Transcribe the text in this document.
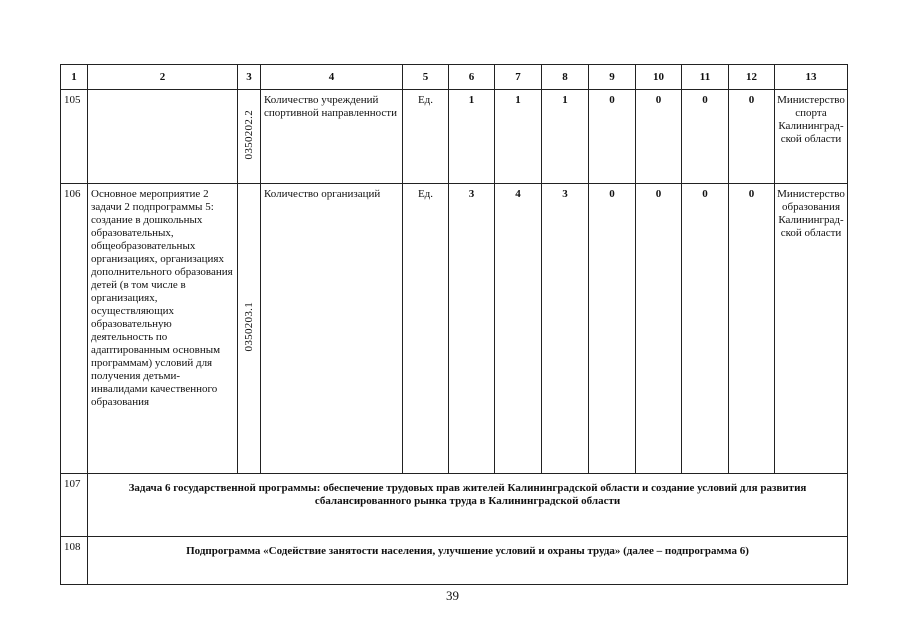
1	2	3	4	5	6	7	8	9	10	11	12	13
105		0350202.2	Количество учреждений спортивной направленности	Ед.	1	1	1	0	0	0	0	Министерство спорта Калининград-ской области
106	Основное мероприятие 2 задачи 2 подпрограммы 5: создание в дошкольных образовательных, общеобразовательных организациях, организациях дополнительного образования детей (в том числе в организациях, осуществляющих образовательную деятельность по адаптированным основным программам) условий для получения детьми-инвалидами качественного образования	0350203.1	Количество организаций	Ед.	3	4	3	0	0	0	0	Министерство образования Калининград-ской области
107	Задача 6 государственной программы: обеспечение трудовых прав жителей Калининградской области и создание условий для развития сбалансированного рынка труда в Калининградской области											
108	Подпрограмма «Содействие занятости населения, улучшение условий и охраны труда» (далее – подпрограмма 6)											
39
